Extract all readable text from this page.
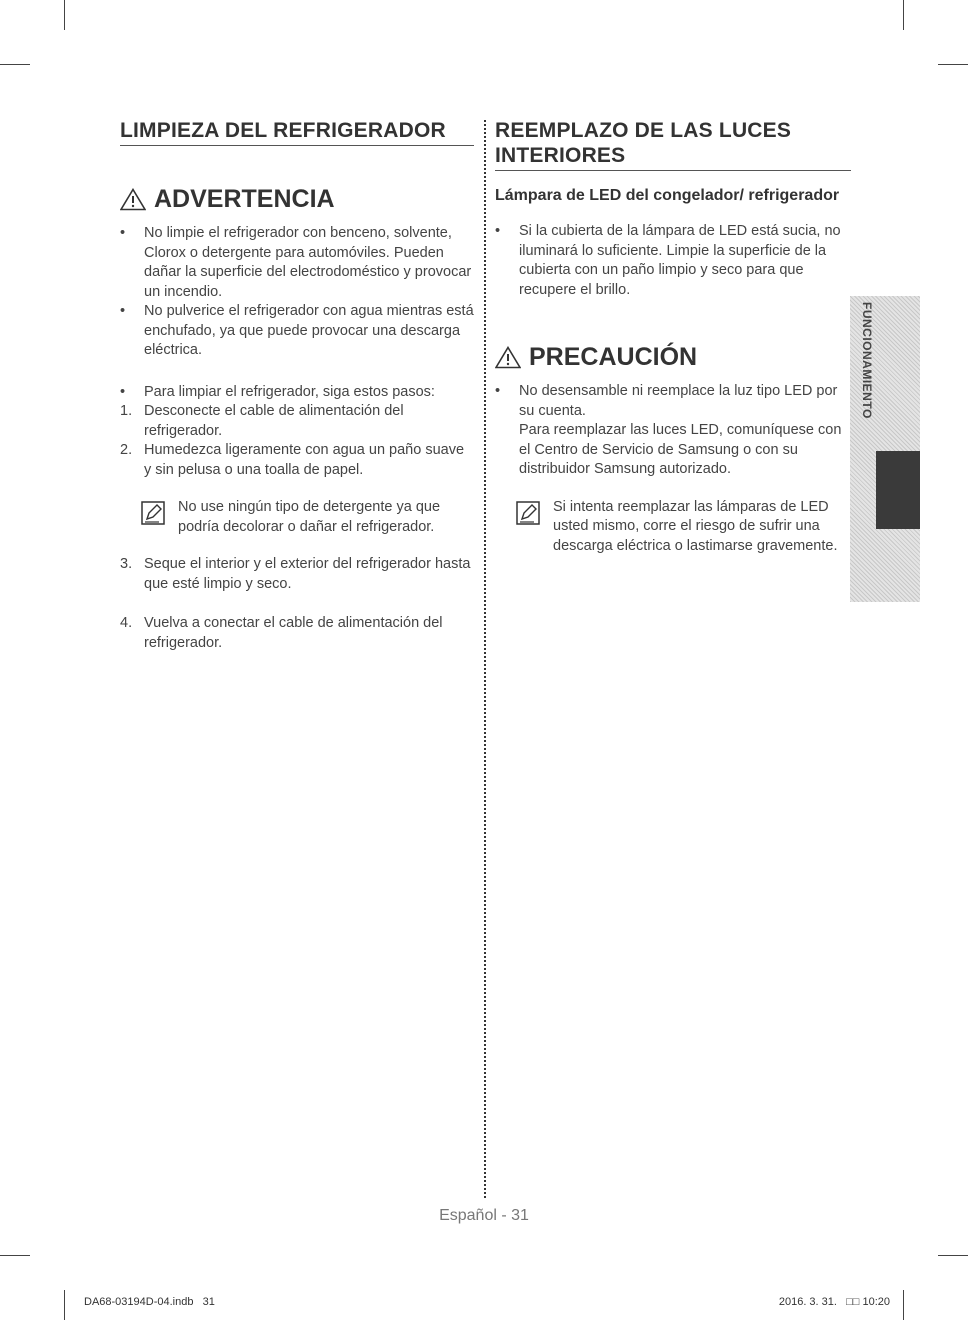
LIMPIEZA DEL REFRIGERADOR
ADVERTENCIA
•	No limpie el refrigerador con benceno, solvente, Clorox o detergente para automóviles. Pueden dañar la superficie del electrodoméstico y provocar un incendio.
•	No pulverice el refrigerador con agua mientras está enchufado, ya que puede provocar una descarga eléctrica.
•	Para limpiar el refrigerador, siga estos pasos:
1. Desconecte el cable de alimentación del refrigerador.
2. Humedezca ligeramente con agua un paño suave y sin pelusa o una toalla de papel.
No use ningún tipo de detergente ya que podría decolorar o dañar el refrigerador.
3. Seque el interior y el exterior del refrigerador hasta que esté limpio y seco.
4. Vuelva a conectar el cable de alimentación del refrigerador.
REEMPLAZO DE LAS LUCES INTERIORES
Lámpara de LED del congelador/ refrigerador
•	Si la cubierta de la lámpara de LED está sucia, no iluminará lo suficiente. Limpie la superficie de la cubierta con un paño limpio y seco para que recupere el brillo.
PRECAUCIÓN
•	No desensamble ni reemplace la luz tipo LED por su cuenta.
Para reemplazar las luces LED, comuníquese con el Centro de Servicio de Samsung o con su distribuidor Samsung autorizado.
Si intenta reemplazar las lámparas de LED usted mismo, corre el riesgo de sufrir una descarga eléctrica o lastimarse gravemente.
FUNCIONAMIENTO
Español - 31
DA68-03194D-04.indb   31	2016. 3. 31.   □□ 10:20
